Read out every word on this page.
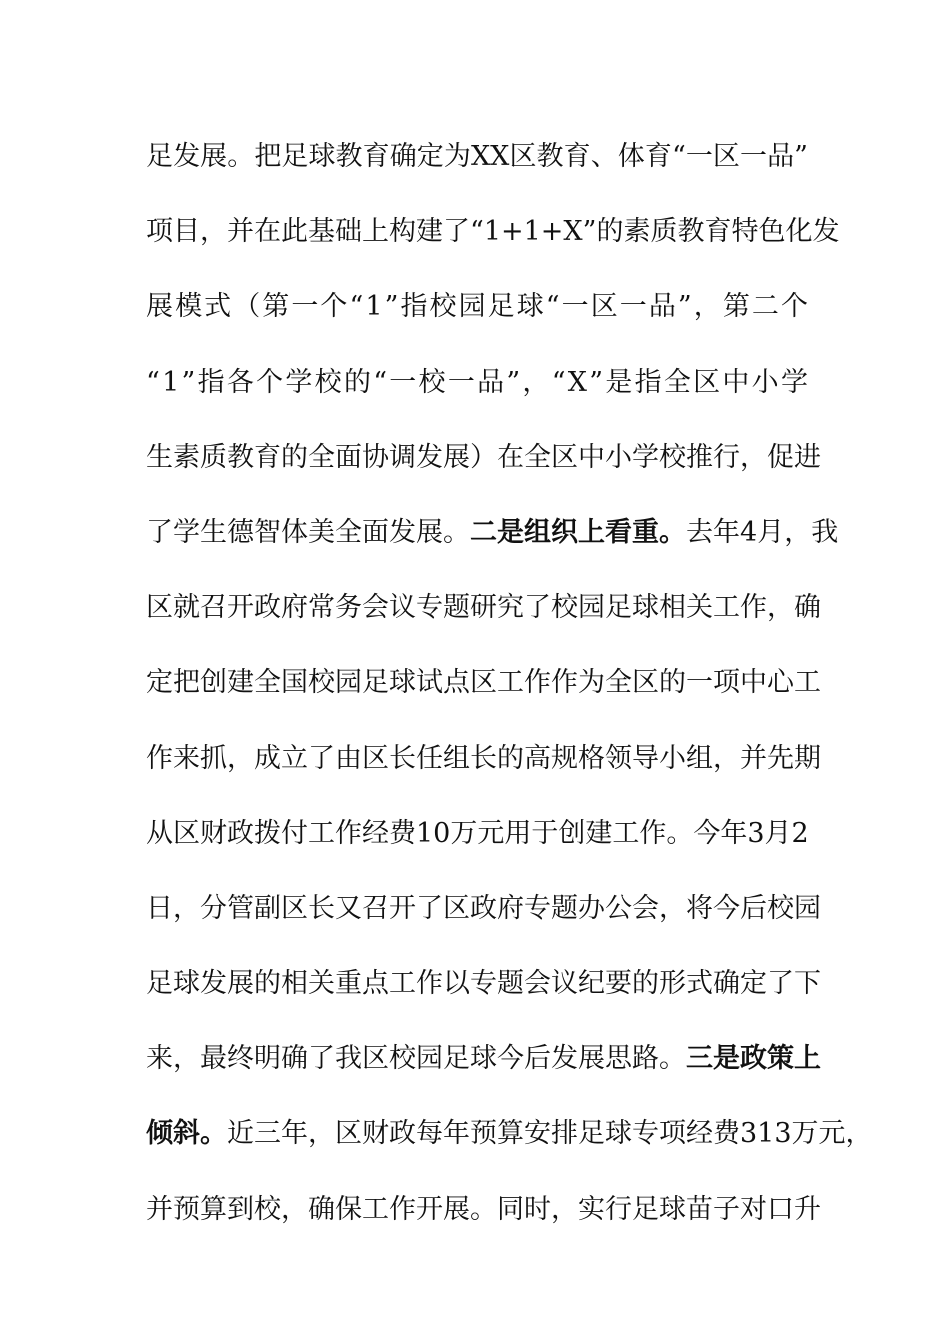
足 发 展 。 把 足 球 教 育 确 定 为 XX 区 教 育 、 体 育 “ 一 区 一 品 ”
项 目 ， 并 在 此 基 础 上 构 建 了 “ 1+1+X ” 的 素 质 教 育 特 色 化 发
展 模 式 （ 第 一 个 “ 1 ” 指 校 园 足 球 “ 一 区 一 品 ” ， 第 二 个
“ 1 ” 指 各 个 学 校 的 “ 一 校 一 品 ” ， “ X ” 是 指 全 区 中 小 学
生 素 质 教 育 的 全 面 协 调 发 展 ） 在 全 区 中 小 学 校 推 行 ， 促 进
了 学 生 德 智 体 美 全 面 发 展 。 二 是 组 织 上 看 重 。 去 年 4 月 ， 我
区 就 召 开 政 府 常 务 会 议 专 题 研 究 了 校 园 足 球 相 关 工 作 ， 确
定 把 创 建 全 国 校 园 足 球 试 点 区 工 作 作 为 全 区 的 一 项 中 心 工
作 来 抓 ， 成 立 了 由 区 长 任 组 长 的 高 规 格 领 导 小 组 ， 并 先 期
从 区 财 政 拨 付 工 作 经 费 10 万 元 用 于 创 建 工 作 。 今 年 3 月 2
日 ， 分 管 副 区 长 又 召 开 了 区 政 府 专 题 办 公 会 ， 将 今 后 校 园
足 球 发 展 的 相 关 重 点 工 作 以 专 题 会 议 纪 要 的 形 式 确 定 了 下
来 ， 最 终 明 确 了 我 区 校 园 足 球 今 后 发 展 思 路 。 三 是 政 策 上
倾 斜 。 近 三 年 ， 区 财 政 每 年 预 算 安 排 足 球 专 项 经 费 313 万 元 ，
并 预 算 到 校 ， 确 保 工 作 开 展 。 同 时 ， 实 行 足 球 苗 子 对 口 升
